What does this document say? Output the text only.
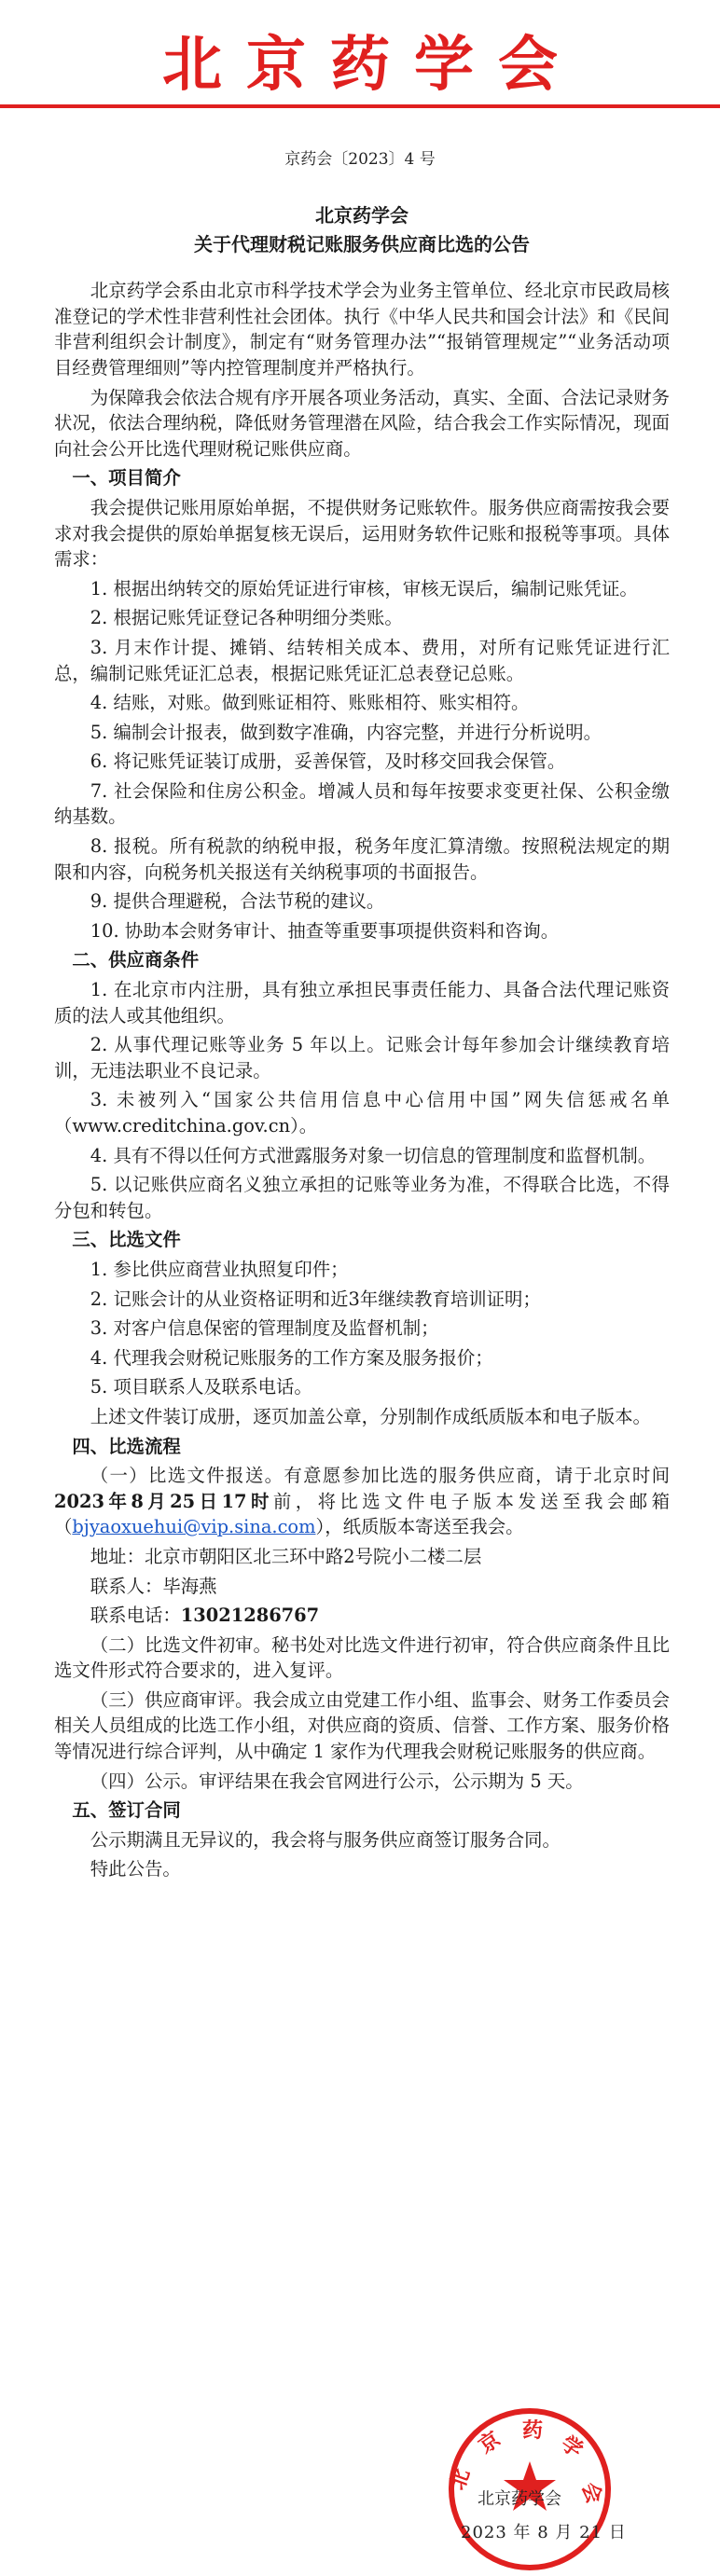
北京药学会
京药会〔2023〕4 号
北京药学会
关于代理财税记账服务供应商比选的公告

北京药学会系由北京市科学技术学会为业务主管单位、经北京市民政局核准登记的学术性非营利性社会团体。执行《中华人民共和国会计法》和《民间非营利组织会计制度》，制定有“财务管理办法”“报销管理规定”“业务活动项目经费管理细则”等内控管理制度并严格执行。

为保障我会依法合规有序开展各项业务活动，真实、全面、合法记录财务状况，依法合理纳税，降低财务管理潜在风险，结合我会工作实际情况，现面向社会公开比选代理财税记账供应商。

一、项目简介

我会提供记账用原始单据，不提供财务记账软件。服务供应商需按我会要求对我会提供的原始单据复核无误后，运用财务软件记账和报税等事项。具体需求：

1. 根据出纳转交的原始凭证进行审核，审核无误后，编制记账凭证。

2. 根据记账凭证登记各种明细分类账。

3. 月末作计提、摊销、结转相关成本、费用，对所有记账凭证进行汇总，编制记账凭证汇总表，根据记账凭证汇总表登记总账。

4. 结账，对账。做到账证相符、账账相符、账实相符。

5. 编制会计报表，做到数字准确，内容完整，并进行分析说明。

6. 将记账凭证装订成册，妥善保管，及时移交回我会保管。

7. 社会保险和住房公积金。增减人员和每年按要求变更社保、公积金缴纳基数。

8. 报税。所有税款的纳税申报，税务年度汇算清缴。按照税法规定的期限和内容，向税务机关报送有关纳税事项的书面报告。

9. 提供合理避税，合法节税的建议。

10. 协助本会财务审计、抽查等重要事项提供资料和咨询。

二、供应商条件

1. 在北京市内注册，具有独立承担民事责任能力、具备合法代理记账资质的法人或其他组织。

2. 从事代理记账等业务 5 年以上。记账会计每年参加会计继续教育培训，无违法职业不良记录。

3. 未被列入“国家公共信用信息中心信用中国”网失信惩戒名单（www.creditchina.gov.cn）。

4. 具有不得以任何方式泄露服务对象一切信息的管理制度和监督机制。

5. 以记账供应商名义独立承担的记账等业务为准，不得联合比选，不得分包和转包。

三、比选文件

1. 参比供应商营业执照复印件；

2. 记账会计的从业资格证明和近3年继续教育培训证明；

3. 对客户信息保密的管理制度及监督机制；

4. 代理我会财税记账服务的工作方案及服务报价；

5. 项目联系人及联系电话。

上述文件装订成册，逐页加盖公章，分别制作成纸质版本和电子版本。

四、比选流程

（一）比选文件报送。有意愿参加比选的服务供应商，请于北京时间2023年8月25日17时前，将比选文件电子版本发送至我会邮箱（bjyaoxuehui@vip.sina.com），纸质版本寄送至我会。

地址：北京市朝阳区北三环中路2号院小二楼二层

联系人：毕海燕

联系电话：13021286767

（二）比选文件初审。秘书处对比选文件进行初审，符合供应商条件且比选文件形式符合要求的，进入复评。

（三）供应商审评。我会成立由党建工作小组、监事会、财务工作委员会相关人员组成的比选工作小组，对供应商的资质、信誉、工作方案、服务价格等情况进行综合评判，从中确定 1 家作为代理我会财税记账服务的供应商。

（四）公示。审评结果在我会官网进行公示，公示期为 5 天。

五、签订合同

公示期满且无异议的，我会将与服务供应商签订服务合同。

特此公告。

京 药
学
会
北
北京药学会
2023 年 8 月 21 日
